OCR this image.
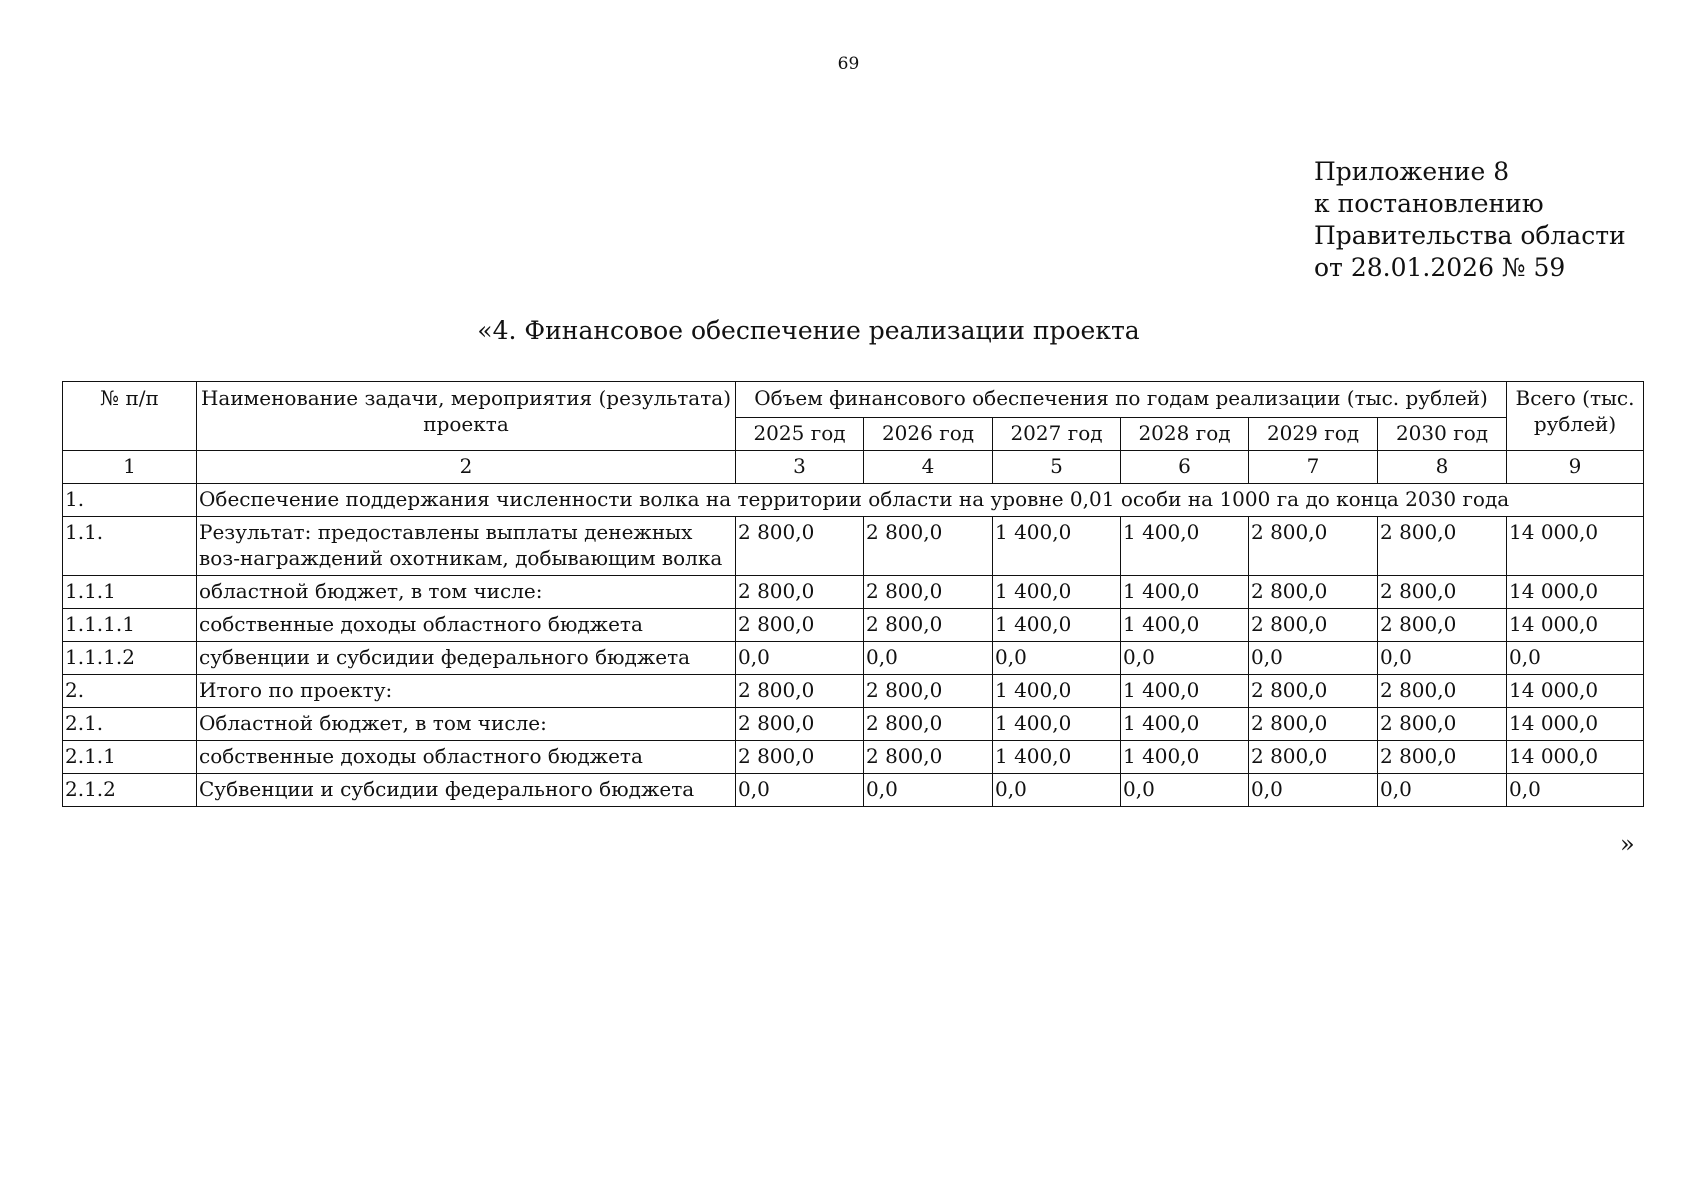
69
Приложение 8
к постановлению
Правительства области
от 28.01.2026 № 59
«4. Финансовое обеспечение реализации проекта
№ п/п	Наименование задачи, мероприятия (результата) проекта	Объем финансового обеспечения по годам реализации (тыс. рублей)						Всего (тыс. рублей)
		2025 год	2026 год	2027 год	2028 год	2029 год	2030 год	
1	2	3	4	5	6	7	8	9
1.	Обеспечение поддержания численности волка на территории области на уровне 0,01 особи на 1000 га до конца 2030 года							
1.1.	Результат: предоставлены выплаты денежных воз-награждений охотникам, добывающим волка	2 800,0	2 800,0	1 400,0	1 400,0	2 800,0	2 800,0	14 000,0
1.1.1	областной бюджет, в том числе:	2 800,0	2 800,0	1 400,0	1 400,0	2 800,0	2 800,0	14 000,0
1.1.1.1	собственные доходы областного бюджета	2 800,0	2 800,0	1 400,0	1 400,0	2 800,0	2 800,0	14 000,0
1.1.1.2	субвенции и субсидии федерального бюджета	0,0	0,0	0,0	0,0	0,0	0,0	0,0
2.	Итого по проекту:	2 800,0	2 800,0	1 400,0	1 400,0	2 800,0	2 800,0	14 000,0
2.1.	Областной бюджет, в том числе:	2 800,0	2 800,0	1 400,0	1 400,0	2 800,0	2 800,0	14 000,0
2.1.1	собственные доходы областного бюджета	2 800,0	2 800,0	1 400,0	1 400,0	2 800,0	2 800,0	14 000,0
2.1.2	Субвенции и субсидии федерального бюджета	0,0	0,0	0,0	0,0	0,0	0,0	0,0
»
